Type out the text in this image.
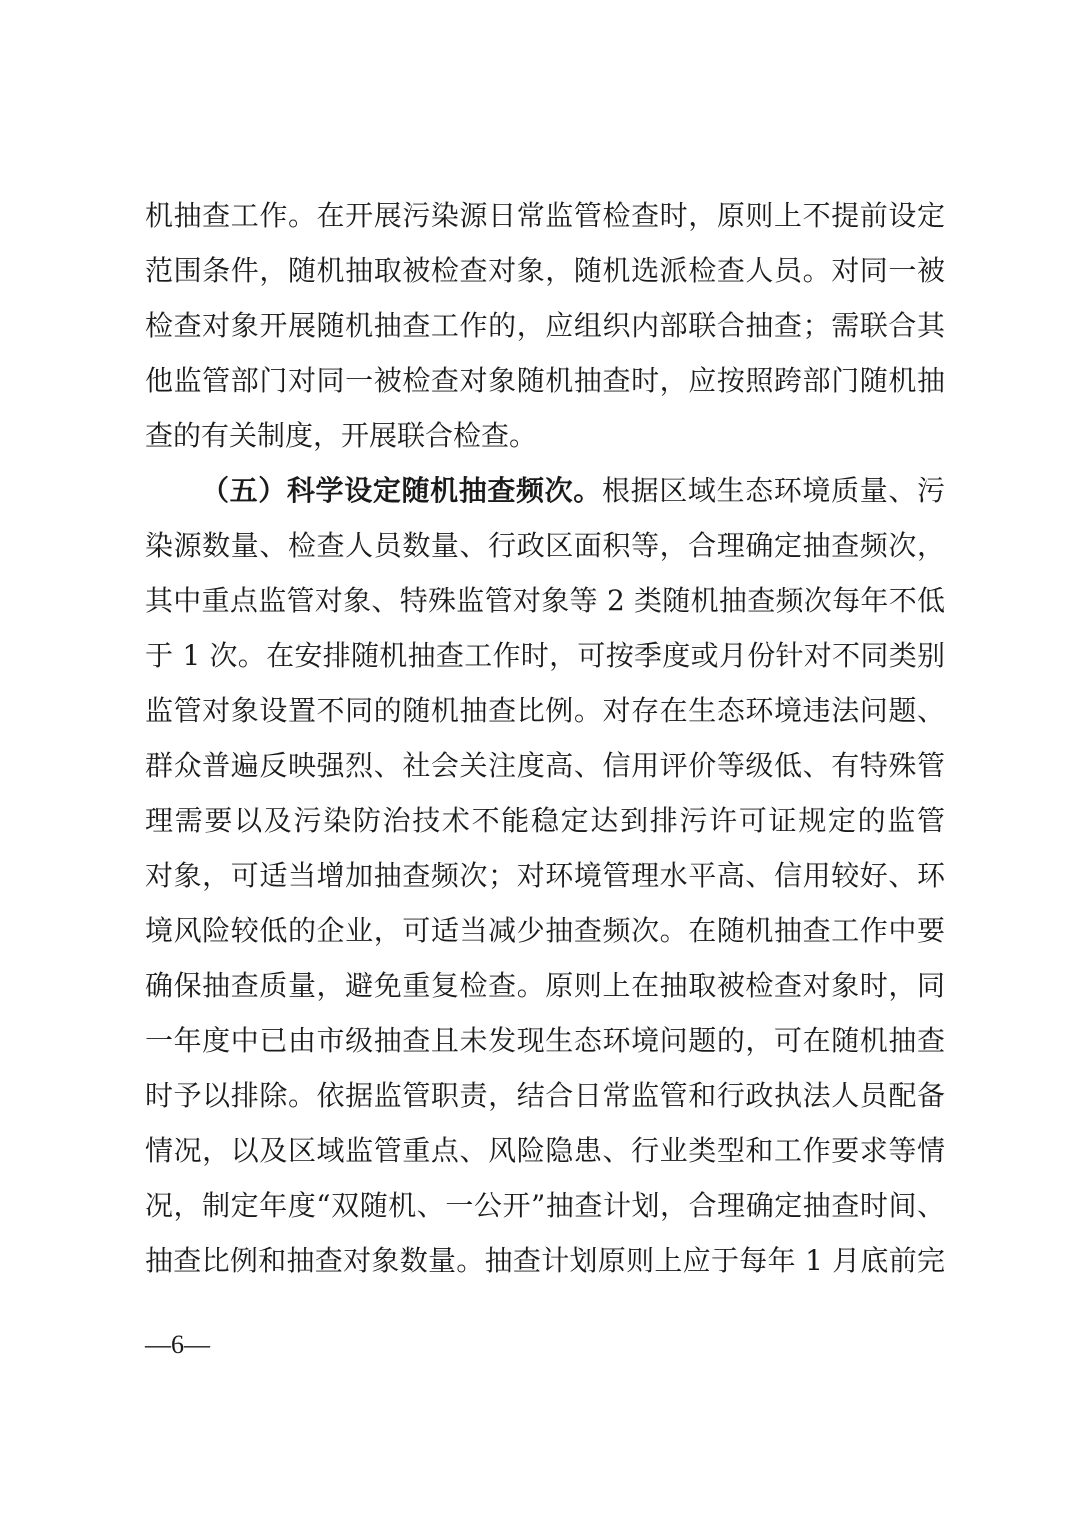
机抽查工作。在开展污染源日常监管检查时，原则上不提前设定
范围条件，随机抽取被检查对象，随机选派检查人员。对同一被
检查对象开展随机抽查工作的，应组织内部联合抽查；需联合其
他监管部门对同一被检查对象随机抽查时，应按照跨部门随机抽
查的有关制度，开展联合检查。
（五）科学设定随机抽查频次。根据区域生态环境质量、污
染源数量、检查人员数量、行政区面积等，合理确定抽查频次，
其中重点监管对象、特殊监管对象等 2 类随机抽查频次每年不低
于 1 次。在安排随机抽查工作时，可按季度或月份针对不同类别
监管对象设置不同的随机抽查比例。对存在生态环境违法问题、
群众普遍反映强烈、社会关注度高、信用评价等级低、有特殊管
理需要以及污染防治技术不能稳定达到排污许可证规定的监管
对象，可适当增加抽查频次；对环境管理水平高、信用较好、环
境风险较低的企业，可适当减少抽查频次。在随机抽查工作中要
确保抽查质量，避免重复检查。原则上在抽取被检查对象时，同
一年度中已由市级抽查且未发现生态环境问题的，可在随机抽查
时予以排除。依据监管职责，结合日常监管和行政执法人员配备
情况，以及区域监管重点、风险隐患、行业类型和工作要求等情
况，制定年度“双随机、一公开”抽查计划，合理确定抽查时间、
抽查比例和抽查对象数量。抽查计划原则上应于每年 1 月底前完
—6—
